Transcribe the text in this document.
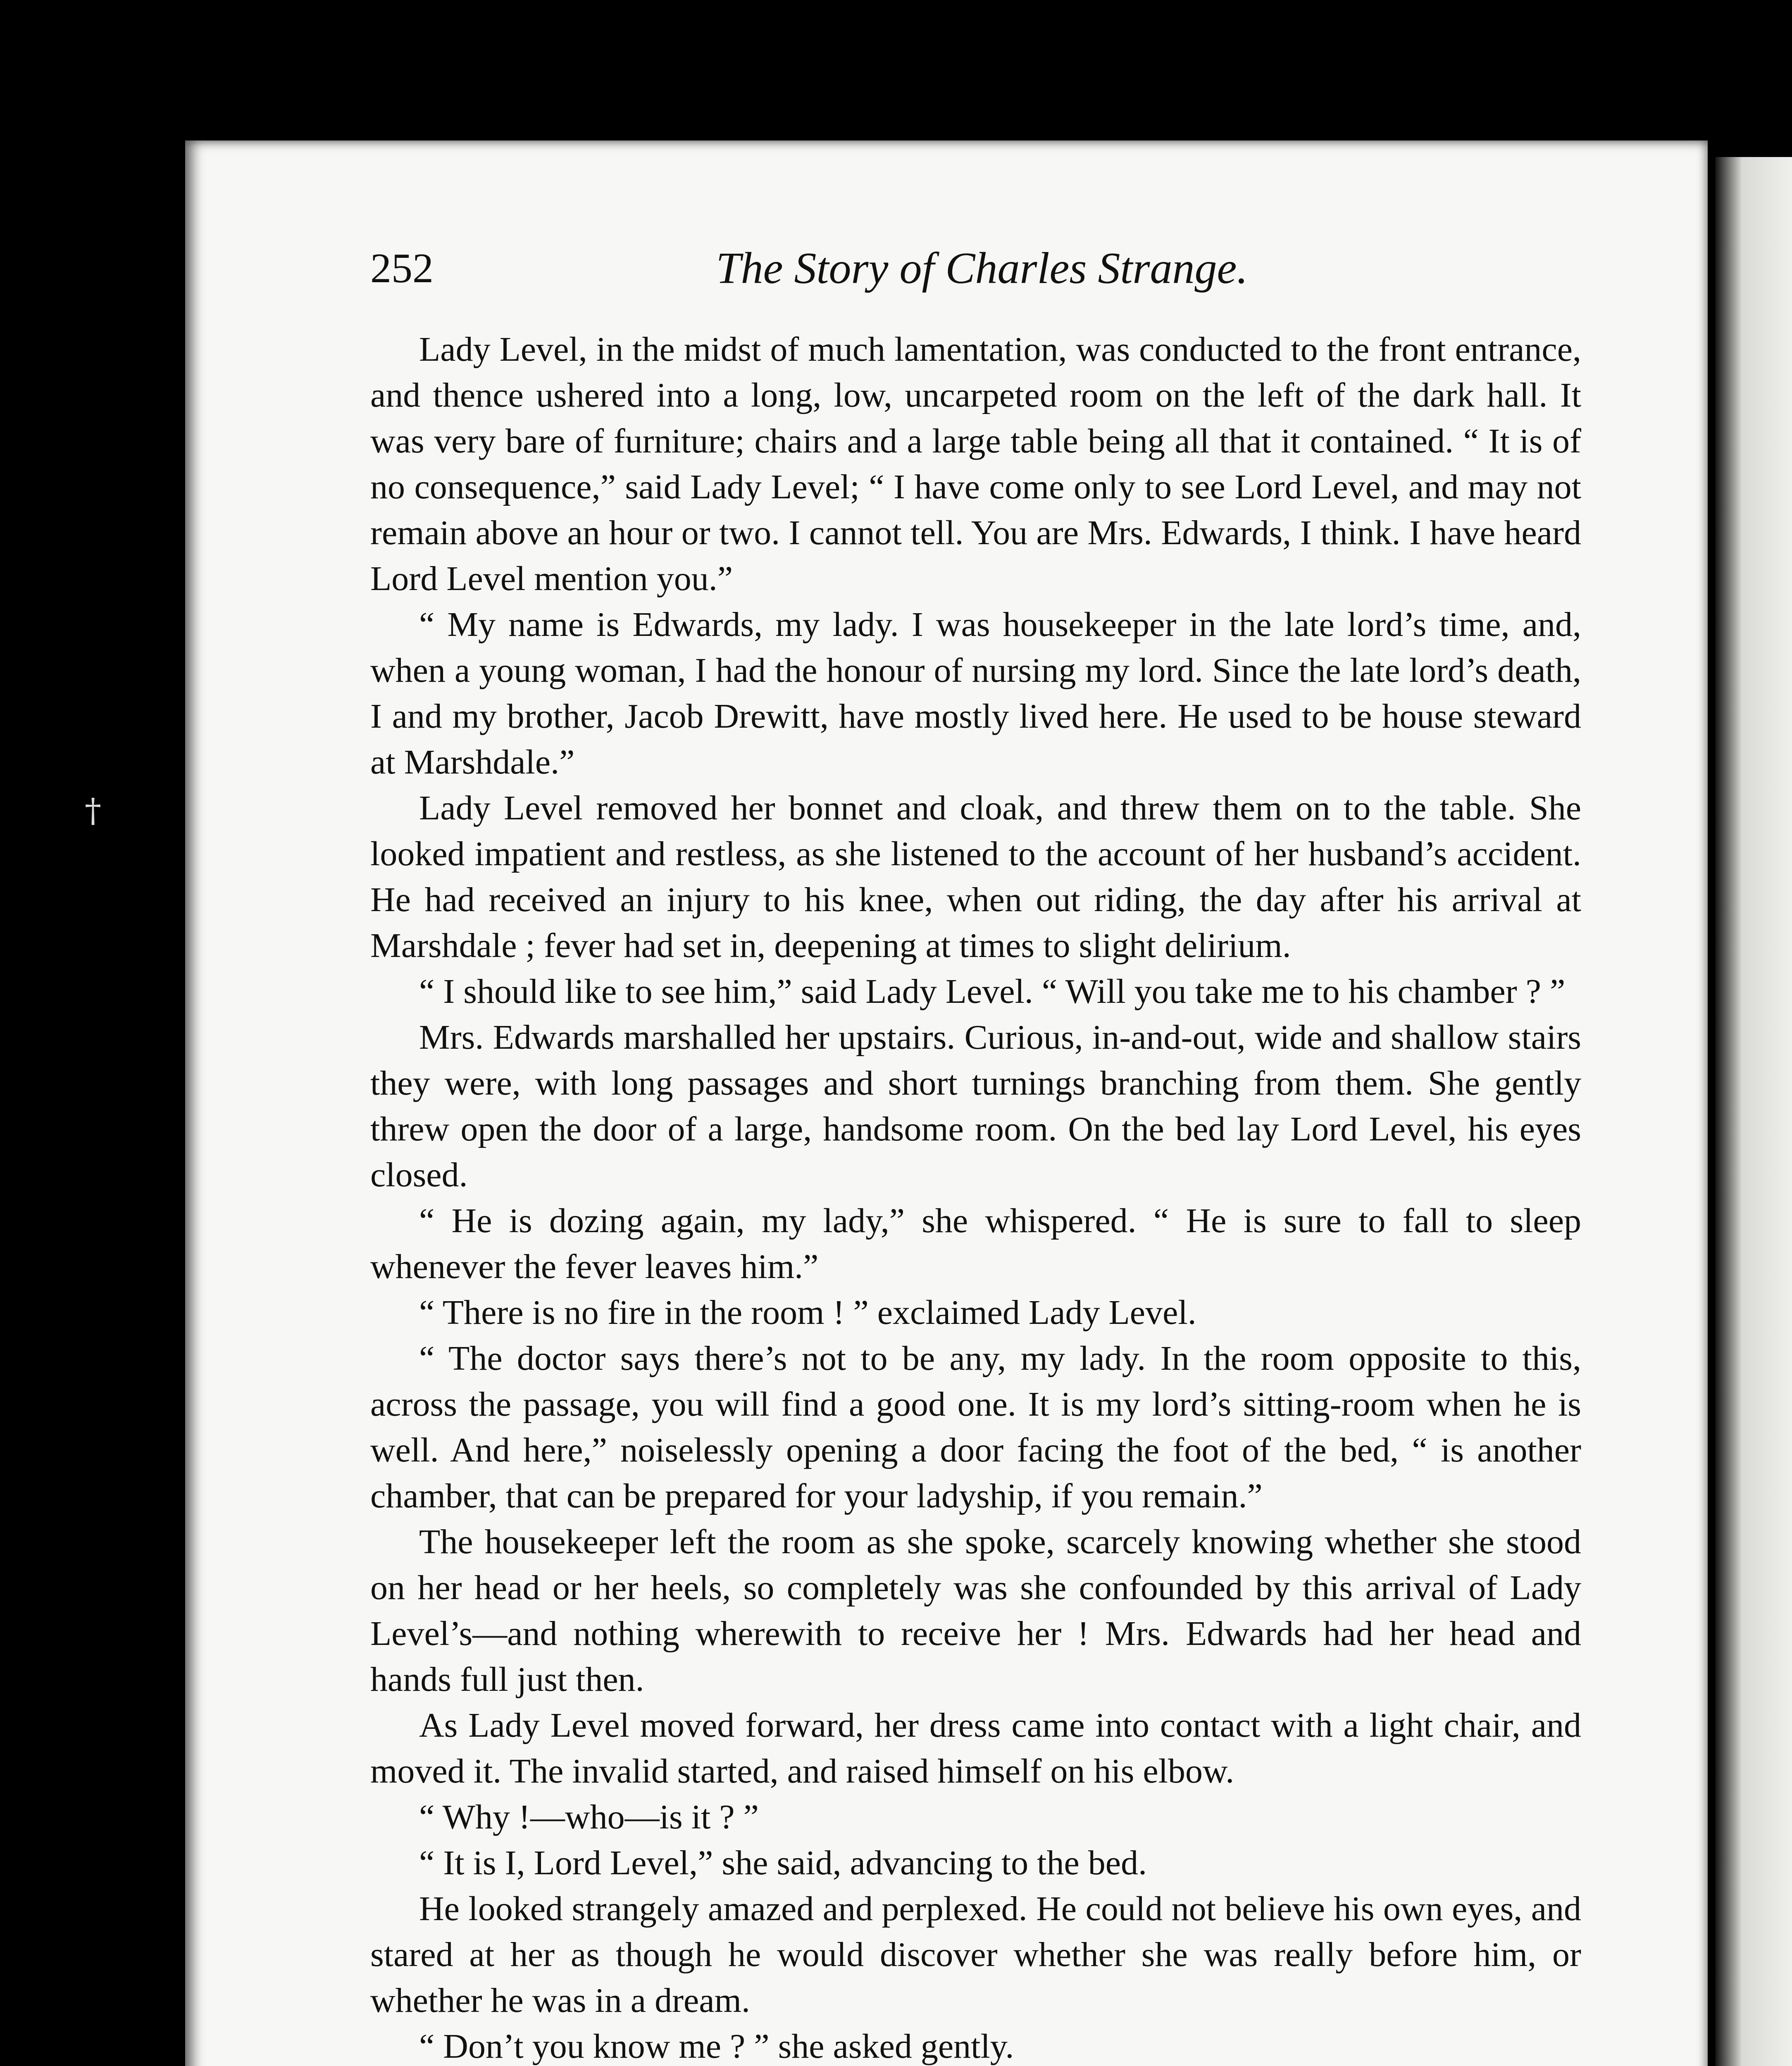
†
252	The Story of Charles Strange.

Lady Level, in the midst of much lamentation, was conducted to the front entrance, and thence ushered into a long, low, uncarpeted room on the left of the dark hall. It was very bare of furniture; chairs and a large table being all that it contained. “ It is of no consequence,” said Lady Level; “ I have come only to see Lord Level, and may not remain above an hour or two. I cannot tell. You are Mrs. Edwards, I think. I have heard Lord Level mention you.”

“ My name is Edwards, my lady. I was housekeeper in the late lord’s time, and, when a young woman, I had the honour of nursing my lord. Since the late lord’s death, I and my brother, Jacob Drewitt, have mostly lived here. He used to be house steward at Marshdale.”

Lady Level removed her bonnet and cloak, and threw them on to the table. She looked impatient and restless, as she listened to the account of her husband’s accident. He had received an injury to his knee, when out riding, the day after his arrival at Marshdale ; fever had set in, deepening at times to slight delirium.

“ I should like to see him,” said Lady Level. “ Will you take me to his chamber ? ”

Mrs. Edwards marshalled her upstairs. Curious, in-and-out, wide and shallow stairs they were, with long passages and short turnings branching from them. She gently threw open the door of a large, handsome room. On the bed lay Lord Level, his eyes closed.

“ He is dozing again, my lady,” she whispered. “ He is sure to fall to sleep whenever the fever leaves him.”

“ There is no fire in the room ! ” exclaimed Lady Level.

“ The doctor says there’s not to be any, my lady. In the room opposite to this, across the passage, you will find a good one. It is my lord’s sitting-room when he is well. And here,” noiselessly opening a door facing the foot of the bed, “ is another chamber, that can be prepared for your ladyship, if you remain.”

The housekeeper left the room as she spoke, scarcely knowing whether she stood on her head or her heels, so completely was she confounded by this arrival of Lady Level’s—and nothing wherewith to receive her ! Mrs. Edwards had her head and hands full just then.

As Lady Level moved forward, her dress came into contact with a light chair, and moved it. The invalid started, and raised himself on his elbow.

“ Why !—who—is it ? ”

“ It is I, Lord Level,” she said, advancing to the bed.

He looked strangely amazed and perplexed. He could not believe his own eyes, and stared at her as though he would discover whether she was really before him, or whether he was in a dream.

“ Don’t you know me ? ” she asked gently.
